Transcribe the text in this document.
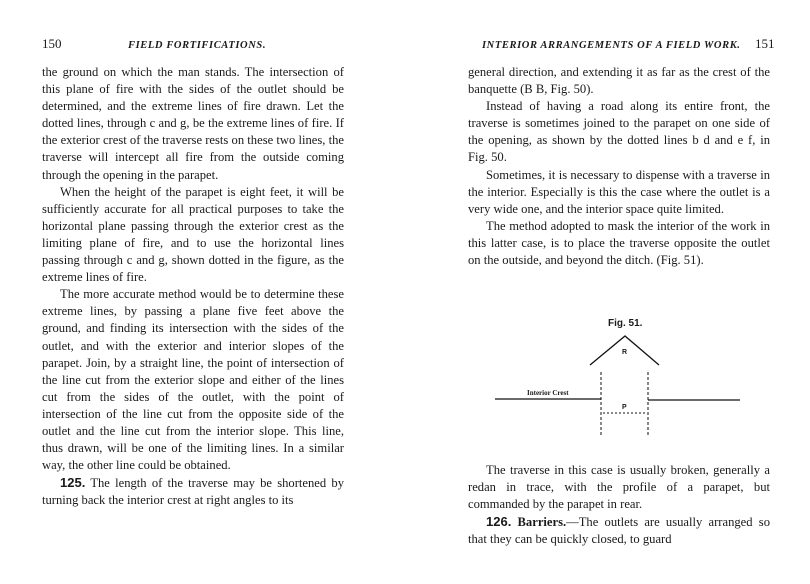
150	FIELD FORTIFICATIONS.

the ground on which the man stands. The intersection of this plane of fire with the sides of the outlet should be determined, and the extreme lines of fire drawn. Let the dotted lines, through c and g, be the extreme lines of fire. If the exterior crest of the traverse rests on these two lines, the traverse will intercept all fire from the outside coming through the opening in the parapet.

When the height of the parapet is eight feet, it will be sufficiently accurate for all practical purposes to take the horizontal plane passing through the exterior crest as the limiting plane of fire, and to use the horizontal lines passing through c and g, shown dotted in the figure, as the extreme lines of fire.

The more accurate method would be to determine these extreme lines, by passing a plane five feet above the ground, and finding its intersection with the sides of the outlet, and with the exterior and interior slopes of the parapet. Join, by a straight line, the point of intersection of the line cut from the exterior slope and either of the lines cut from the sides of the outlet, with the point of intersection of the line cut from the opposite side of the outlet and the line cut from the interior slope. This line, thus drawn, will be one of the limiting lines. In a similar way, the other line could be obtained.

125. The length of the traverse may be shortened by turning back the interior crest at right angles to its

INTERIOR ARRANGEMENTS OF A FIELD WORK. 151

general direction, and extending it as far as the crest of the banquette (B B, Fig. 50).

Instead of having a road along its entire front, the traverse is sometimes joined to the parapet on one side of the opening, as shown by the dotted lines b d and e f, in Fig. 50.

Sometimes, it is necessary to dispense with a traverse in the interior. Especially is this the case where the outlet is a very wide one, and the interior space quite limited.

The method adopted to mask the interior of the work in this latter case, is to place the traverse opposite the outlet on the outside, and beyond the ditch. (Fig. 51).

Fig. 51.
R
Interior Crest
P

The traverse in this case is usually broken, generally a redan in trace, with the profile of a parapet, but commanded by the parapet in rear.

126. Barriers.—The outlets are usually arranged so that they can be quickly closed, to guard
